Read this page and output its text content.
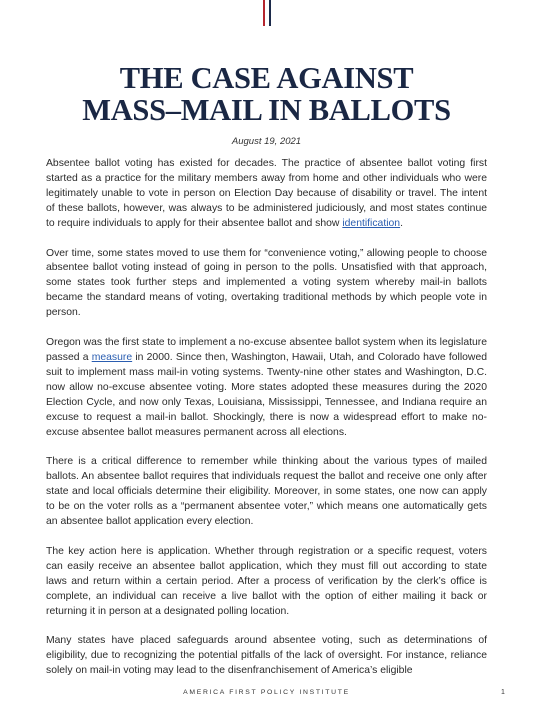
THE CASE AGAINST
MASS–MAIL IN BALLOTS
August 19, 2021

Absentee ballot voting has existed for decades. The practice of absentee ballot voting first started as a practice for the military members away from home and other individuals who were legitimately unable to vote in person on Election Day because of disability or travel. The intent of these ballots, however, was always to be administered judiciously, and most states continue to require individuals to apply for their absentee ballot and show identification.

Over time, some states moved to use them for “convenience voting,” allowing people to choose absentee ballot voting instead of going in person to the polls. Unsatisfied with that approach, some states took further steps and implemented a voting system whereby mail-in ballots became the standard means of voting, overtaking traditional methods by which people vote in person.

Oregon was the first state to implement a no-excuse absentee ballot system when its legislature passed a measure in 2000. Since then, Washington, Hawaii, Utah, and Colorado have followed suit to implement mass mail-in voting systems. Twenty-nine other states and Washington, D.C. now allow no-excuse absentee voting. More states adopted these measures during the 2020 Election Cycle, and now only Texas, Louisiana, Mississippi, Tennessee, and Indiana require an excuse to request a mail-in ballot. Shockingly, there is now a widespread effort to make no-excuse absentee ballot measures permanent across all elections.

There is a critical difference to remember while thinking about the various types of mailed ballots. An absentee ballot requires that individuals request the ballot and receive one only after state and local officials determine their eligibility. Moreover, in some states, one now can apply to be on the voter rolls as a “permanent absentee voter,” which means one automatically gets an absentee ballot application every election.

The key action here is application. Whether through registration or a specific request, voters can easily receive an absentee ballot application, which they must fill out according to state laws and return within a certain period. After a process of verification by the clerk’s office is complete, an individual can receive a live ballot with the option of either mailing it back or returning it in person at a designated polling location.

Many states have placed safeguards around absentee voting, such as determinations of eligibility, due to recognizing the potential pitfalls of the lack of oversight. For instance, reliance solely on mail-in voting may lead to the disenfranchisement of America’s eligible

AMERICA FIRST POLICY INSTITUTE	1
